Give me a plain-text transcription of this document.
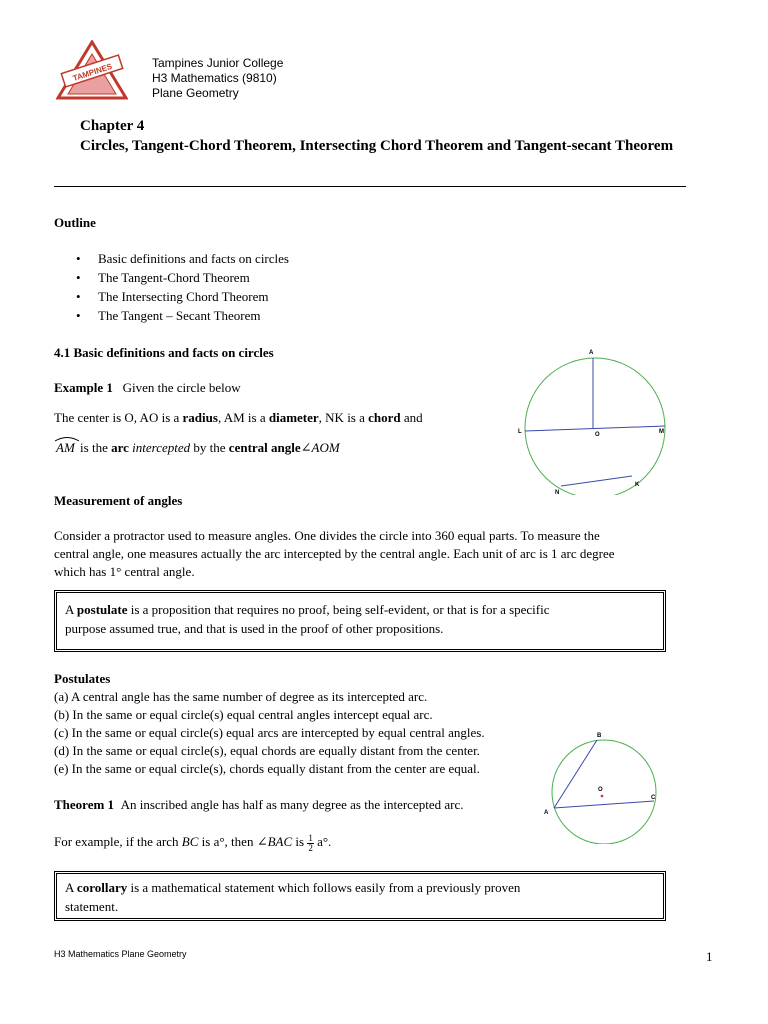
TAMPINES	Tampines Junior College
H3 Mathematics (9810)
Plane Geometry
Chapter 4
Circles, Tangent-Chord Theorem, Intersecting Chord Theorem and Tangent-secant Theorem
Outline
• Basic definitions and facts on circles
• The Tangent-Chord Theorem
• The Intersecting Chord Theorem
• The Tangent – Secant Theorem
4.1 Basic definitions and facts on circles
Example 1 Given the circle below
The center is O, AO is a radius, AM is a diameter, NK is a chord and
AM is the arc intercepted by the central angle∠AOM
A
O
L	M
N
K
Measurement of angles
Consider a protractor used to measure angles. One divides the circle into 360 equal parts. To measure the
central angle, one measures actually the arc intercepted by the central angle. Each unit of arc is 1 arc degree
which has 1° central angle.
A postulate is a proposition that requires no proof, being self-evident, or that is for a specific
purpose assumed true, and that is used in the proof of other propositions.
Postulates
(a) A central angle has the same number of degree as its intercepted arc.
(b) In the same or equal circle(s) equal central angles intercept equal arc.
(c) In the same or equal circle(s) equal arcs are intercepted by equal central angles.
(d) In the same or equal circle(s), equal chords are equally distant from the center.
(e) In the same or equal circle(s), chords equally distant from the center are equal.
Theorem 1 An inscribed angle has half as many degree as the intercepted arc.
For example, if the arch BC is a°, then ∠BAC is $\frac{1}{2} a^\circ$.
B
A
C
O
A corollary is a mathematical statement which follows easily from a previously proven
statement.
H3 Mathematics Plane Geometry	1
